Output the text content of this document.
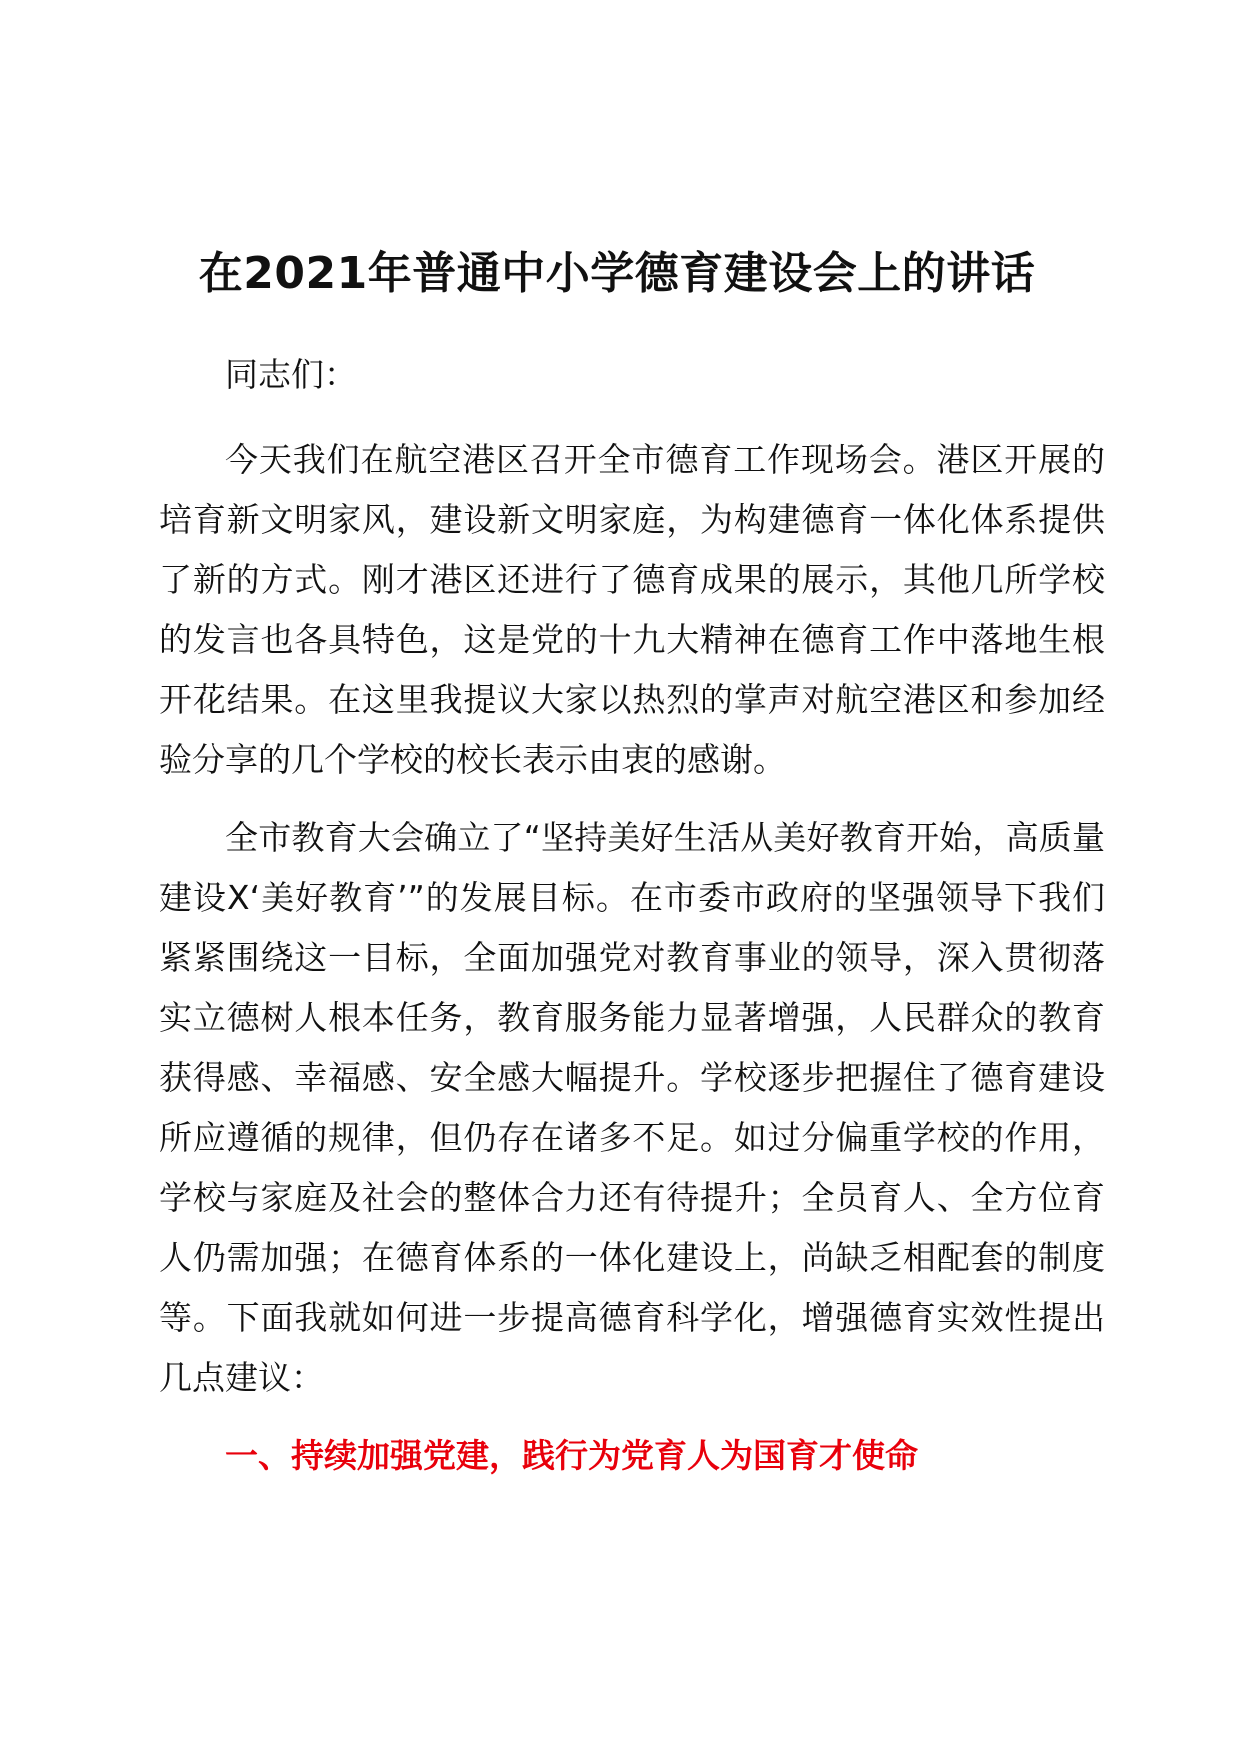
在2021年普通中小学德育建设会上的讲话

同志们：

今天我们在航空港区召开全市德育工作现场会。港区开展的培育新文明家风，建设新文明家庭，为构建德育一体化体系提供了新的方式。刚才港区还进行了德育成果的展示，其他几所学校的发言也各具特色，这是党的十九大精神在德育工作中落地生根开花结果。在这里我提议大家以热烈的掌声对航空港区和参加经验分享的几个学校的校长表示由衷的感谢。

全市教育大会确立了“坚持美好生活从美好教育开始，高质量建设X‘美好教育’”的发展目标。在市委市政府的坚强领导下我们紧紧围绕这一目标，全面加强党对教育事业的领导，深入贯彻落实立德树人根本任务，教育服务能力显著增强，人民群众的教育获得感、幸福感、安全感大幅提升。学校逐步把握住了德育建设所应遵循的规律，但仍存在诸多不足。如过分偏重学校的作用，学校与家庭及社会的整体合力还有待提升；全员育人、全方位育人仍需加强；在德育体系的一体化建设上，尚缺乏相配套的制度等。下面我就如何进一步提高德育科学化，增强德育实效性提出几点建议：

一、持续加强党建，践行为党育人为国育才使命
